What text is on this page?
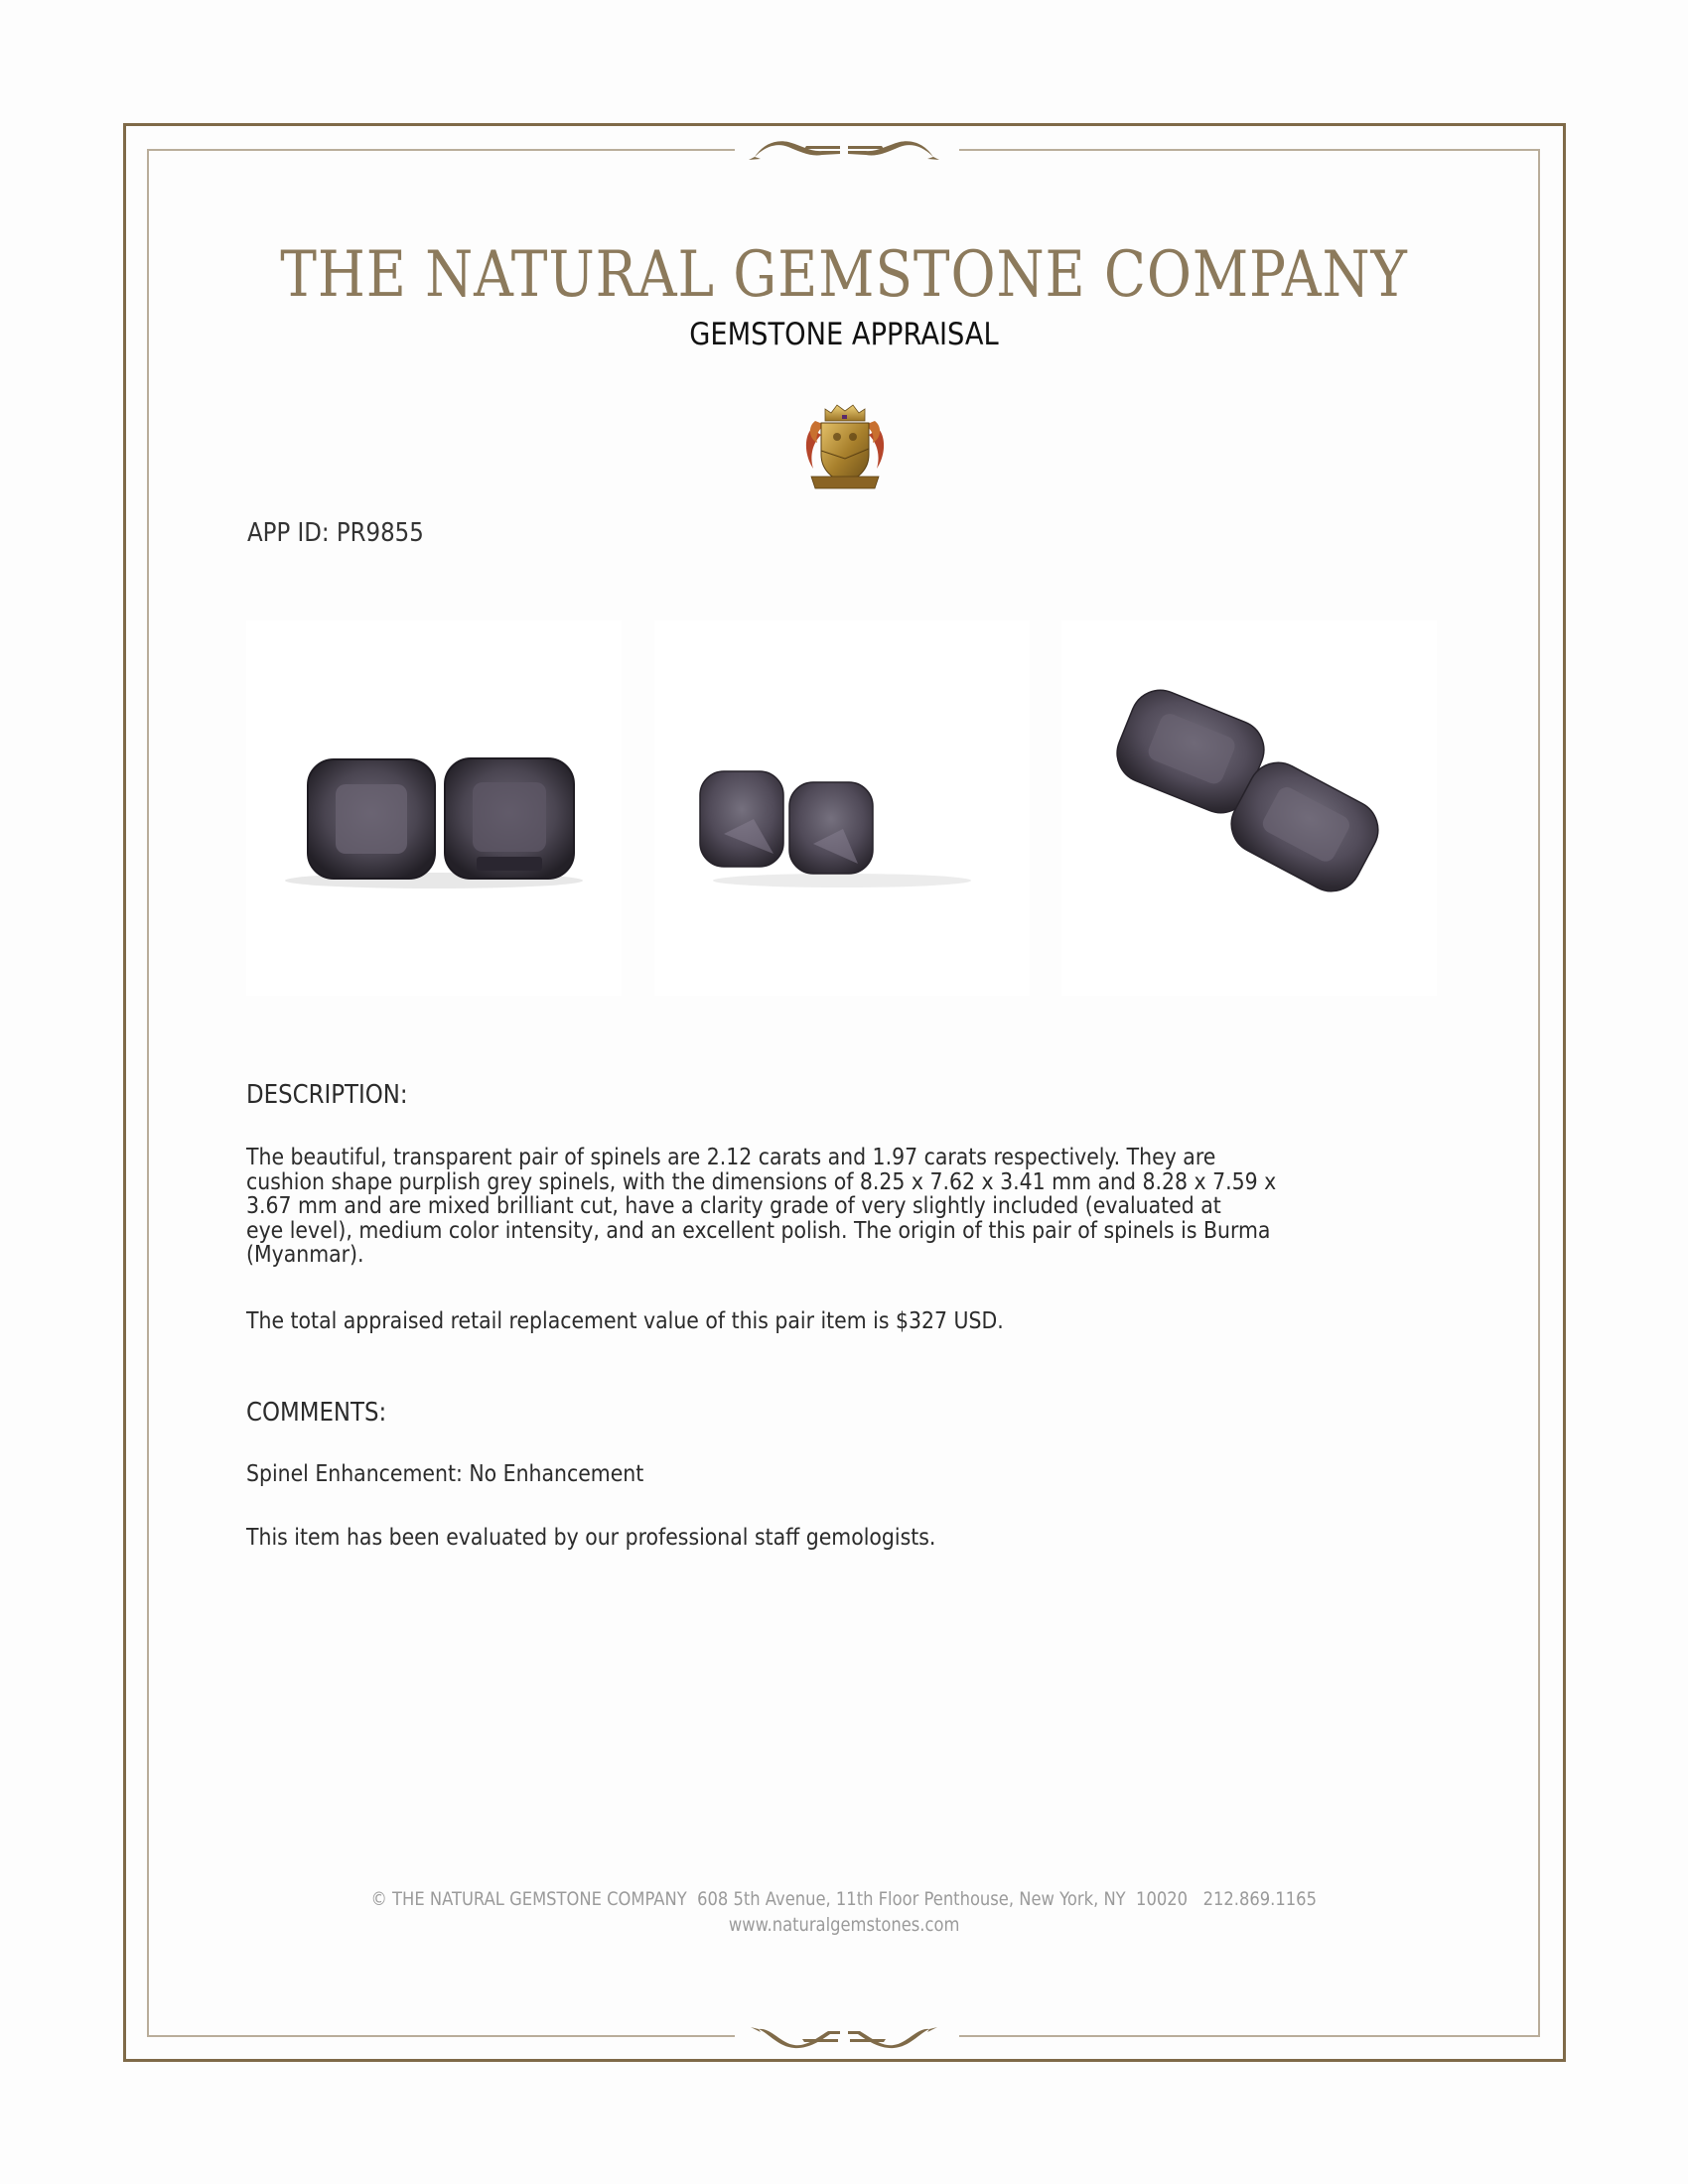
THE NATURAL GEMSTONE COMPANY
GEMSTONE APPRAISAL
APP ID: PR9855
DESCRIPTION:
The beautiful, transparent pair of spinels are 2.12 carats and 1.97 carats respectively. They are
cushion shape purplish grey spinels, with the dimensions of 8.25 x 7.62 x 3.41 mm and 8.28 x 7.59 x
3.67 mm and are mixed brilliant cut, have a clarity grade of very slightly included (evaluated at
eye level), medium color intensity, and an excellent polish. The origin of this pair of spinels is Burma
(Myanmar).
The total appraised retail replacement value of this pair item is $327 USD.
COMMENTS:
Spinel Enhancement: No Enhancement
This item has been evaluated by our professional staff gemologists.
© THE NATURAL GEMSTONE COMPANY  608 5th Avenue, 11th Floor Penthouse, New York, NY  10020   212.869.1165
www.naturalgemstones.com
